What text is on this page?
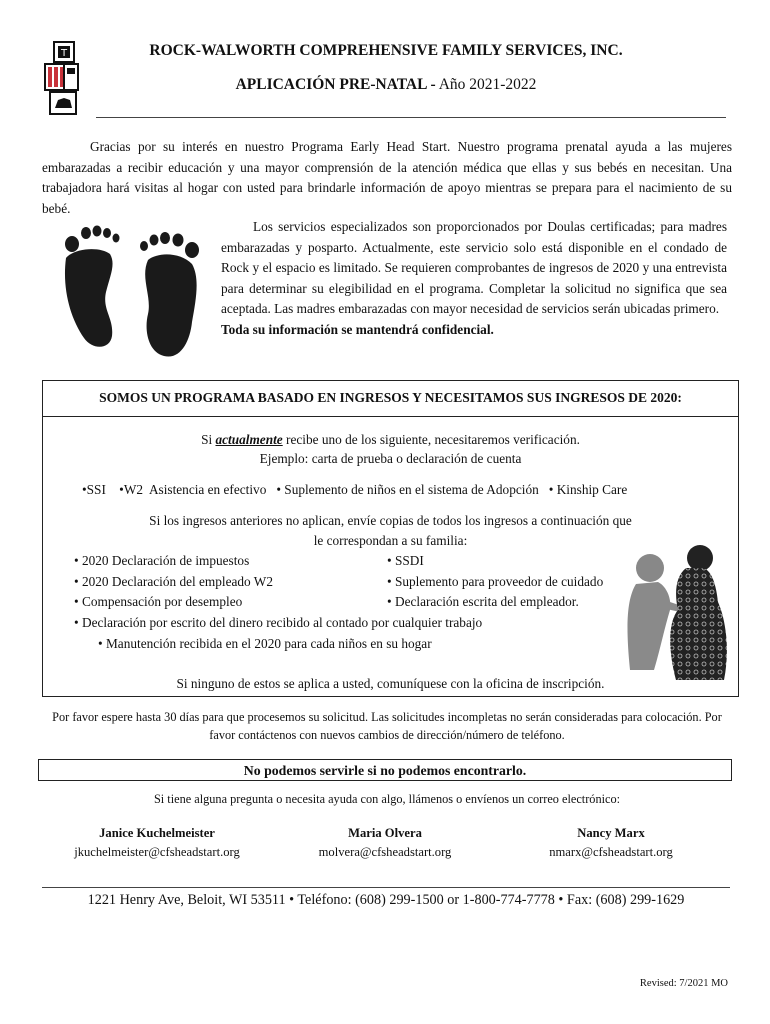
T	ROCK-WALWORTH COMPREHENSIVE FAMILY SERVICES, INC.
APLICACIÓN PRE-NATAL - Año 2021-2022

Gracias por su interés en nuestro Programa Early Head Start. Nuestro programa prenatal ayuda a las mujeres embarazadas a recibir educación y una mayor comprensión de la atención médica que ellas y sus bebés en necesitan. Una trabajadora hará visitas al hogar con usted para brindarle información de apoyo mientras se prepara para el nacimiento de su bebé.

Los servicios especializados son proporcionados por Doulas certificadas; para madres embarazadas y posparto. Actualmente, este servicio solo está disponible en el condado de Rock y el espacio es limitado. Se requieren comprobantes de ingresos de 2020 y una entrevista para determinar su elegibilidad en el programa. Completar la solicitud no significa que sea aceptada. Las madres embarazadas con mayor necesidad de servicios serán ubicadas primero.
Toda su información se mantendrá confidencial.
SOMOS UN PROGRAMA BASADO EN INGRESOS Y NECESITAMOS SUS INGRESOS DE 2020:
Si actualmente recibe uno de los siguiente, necesitaremos verificación.
Ejemplo: carta de prueba o declaración de cuenta
•SSI    •W2  Asistencia en efectivo   • Suplemento de niños en el sistema de Adopción   • Kinship Care
Si los ingresos anteriores no aplican, envíe copias de todos los ingresos a continuación que
le correspondan a su familia:
• 2020 Declaración de impuestos
• 2020 Declaración del empleado W2
• Compensación por desempleo
• SSDI
• Suplemento para proveedor de cuidado
• Declaración escrita del empleador.
• Declaración por escrito del dinero recibido al contado por cualquier trabajo
• Manutención recibida en el 2020 para cada niños en su hogar
Si ninguno de estos se aplica a usted, comuníquese con la oficina de inscripción.
Por favor espere hasta 30 días para que procesemos su solicitud. Las solicitudes incompletas no serán consideradas para colocación. Por favor contáctenos con nuevos cambios de dirección/número de teléfono.
No podemos servirle si no podemos encontrarlo.
Si tiene alguna pregunta o necesita ayuda con algo, llámenos o envíenos un correo electrónico:
Janice Kuchelmeister
jkuchelmeister@cfsheadstart.org
Maria Olvera
molvera@cfsheadstart.org
Nancy Marx
nmarx@cfsheadstart.org
1221 Henry Ave, Beloit, WI 53511 • Teléfono: (608) 299-1500 or 1-800-774-7778 • Fax: (608) 299-1629
Revised: 7/2021 MO
